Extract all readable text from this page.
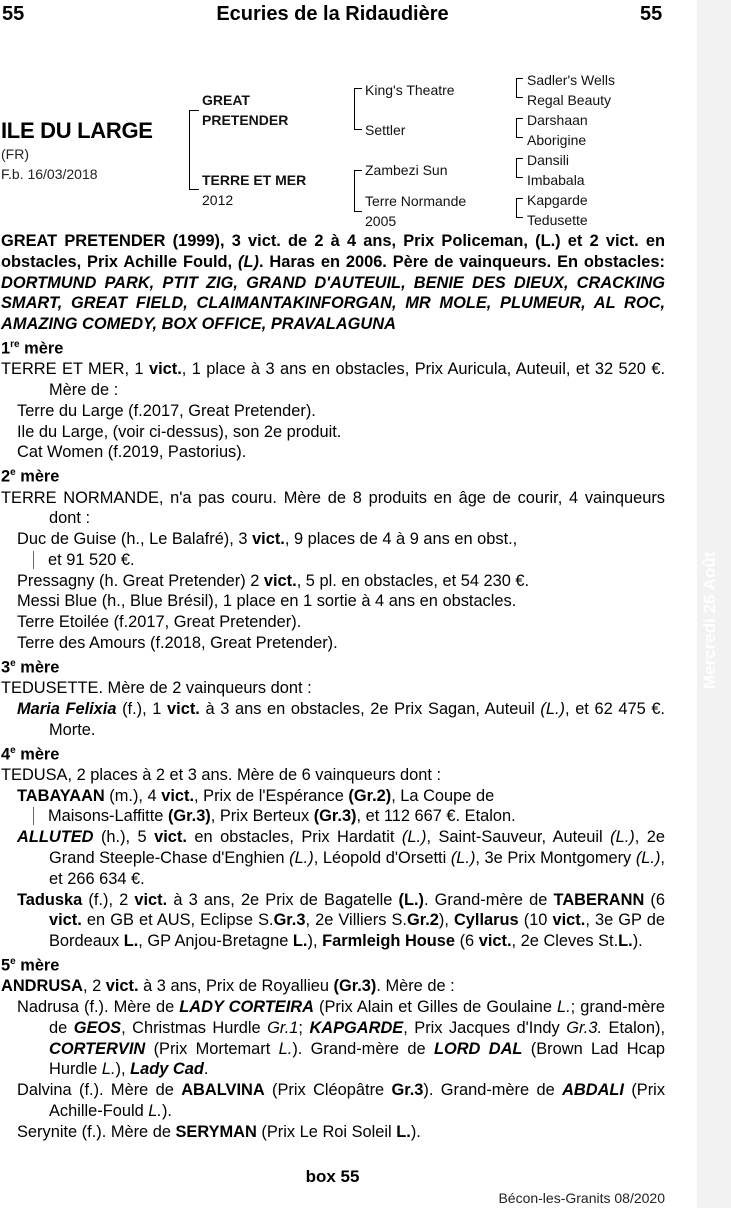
Mercredi 26 Août
55	Ecuries de la Ridaudière	55
ILE DU LARGE
(FR)
F.b. 16/03/2018
GREAT PRETENDER
TERRE ET MER
2012
King's Theatre
Settler
Zambezi Sun
Terre Normande
2005
Sadler's Wells
Regal Beauty
Darshaan
Aborigine
Dansili
Imbabala
Kapgarde
Tedusette

GREAT PRETENDER (1999), 3 vict. de 2 à 4 ans, Prix Policeman, (L.) et 2 vict. en obstacles, Prix Achille Fould, (L). Haras en 2006. Père de vainqueurs. En obstacles: DORTMUND PARK, PTIT ZIG, GRAND D'AUTEUIL, BENIE DES DIEUX, CRACKING SMART, GREAT FIELD, CLAIMANTAKINFORGAN, MR MOLE, PLUMEUR, AL ROC, AMAZING COMEDY, BOX OFFICE, PRAVALAGUNA

1re mère

TERRE ET MER, 1 vict., 1 place à 3 ans en obstacles, Prix Auricula, Auteuil, et 32 520 €. Mère de :

Terre du Large (f.2017, Great Pretender).

Ile du Large, (voir ci-dessus), son 2e produit.

Cat Women (f.2019, Pastorius).

2e mère

TERRE NORMANDE, n'a pas couru. Mère de 8 produits en âge de courir, 4 vainqueurs dont :

Duc de Guise (h., Le Balafré), 3 vict., 9 places de 4 à 9 ans en obst.,

et 91 520 €.

Pressagny (h. Great Pretender) 2 vict., 5 pl. en obstacles, et 54 230 €.

Messi Blue (h., Blue Brésil), 1 place en 1 sortie à 4 ans en obstacles.

Terre Etoilée (f.2017, Great Pretender).

Terre des Amours (f.2018, Great Pretender).

3e mère

TEDUSETTE. Mère de 2 vainqueurs dont :

Maria Felixia (f.), 1 vict. à 3 ans en obstacles, 2e Prix Sagan, Auteuil (L.), et 62 475 €. Morte.

4e mère

TEDUSA, 2 places à 2 et 3 ans. Mère de 6 vainqueurs dont :

TABAYAAN (m.), 4 vict., Prix de l'Espérance (Gr.2), La Coupe de

Maisons-Laffitte (Gr.3), Prix Berteux (Gr.3), et 112 667 €. Etalon.

ALLUTED (h.), 5 vict. en obstacles, Prix Hardatit (L.), Saint-Sauveur, Auteuil (L.), 2e Grand Steeple-Chase d'Enghien (L.), Léopold d'Orsetti (L.), 3e Prix Montgomery (L.), et 266 634 €.

Taduska (f.), 2 vict. à 3 ans, 2e Prix de Bagatelle (L.). Grand-mère de TABERANN (6 vict. en GB et AUS, Eclipse S.Gr.3, 2e Villiers S.Gr.2), Cyllarus (10 vict., 3e GP de Bordeaux L., GP Anjou-Bretagne L.), Farmleigh House (6 vict., 2e Cleves St.L.).

5e mère

ANDRUSA, 2 vict. à 3 ans, Prix de Royallieu (Gr.3). Mère de :

Nadrusa (f.). Mère de LADY CORTEIRA (Prix Alain et Gilles de Goulaine L.; grand-mère de GEOS, Christmas Hurdle Gr.1; KAPGARDE, Prix Jacques d'Indy Gr.3. Etalon), CORTERVIN (Prix Mortemart L.). Grand-mère de LORD DAL (Brown Lad Hcap Hurdle L.), Lady Cad.

Dalvina (f.). Mère de ABALVINA (Prix Cléopâtre Gr.3). Grand-mère de ABDALI (Prix Achille-Fould L.).

Serynite (f.). Mère de SERYMAN (Prix Le Roi Soleil L.).

box 55
Bécon-les-Granits 08/2020
